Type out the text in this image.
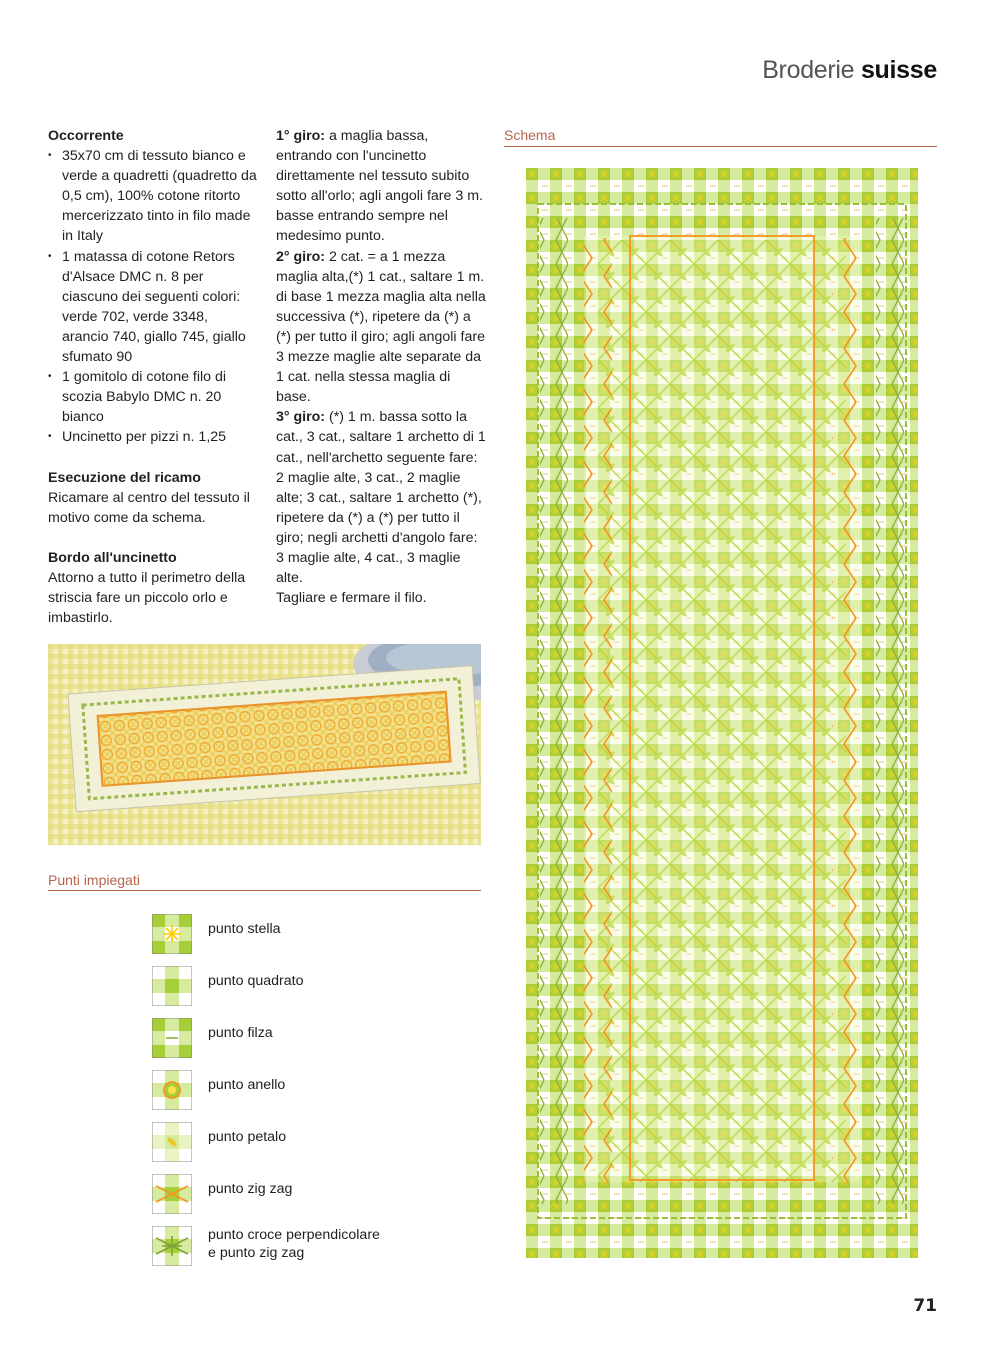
Broderie suisse

Occorrente

• 35x70 cm di tessuto bianco e verde a quadretti (quadretto da 0,5 cm), 100% cotone ritorto mercerizzato tinto in filo made in Italy
• 1 matassa di cotone Retors d'Alsace DMC n. 8 per ciascuno dei seguenti colori: verde 702, verde 3348, arancio 740, giallo 745, giallo sfumato 90
• 1 gomitolo di cotone filo di scozia Babylo DMC n. 20 bianco
• Uncinetto per pizzi n. 1,25

Esecuzione del ricamo

Ricamare al centro del tessuto il motivo come da schema.

Bordo all'uncinetto

Attorno a tutto il perimetro della striscia fare un piccolo orlo e imbastirlo.

1° giro: a maglia bassa, entrando con l'uncinetto direttamente nel tessuto subito sotto all'orlo; agli angoli fare 3 m. basse entrando sempre nel medesimo punto.

2° giro: 2 cat. = a 1 mezza maglia alta,(*) 1 cat., saltare 1 m. di base 1 mezza maglia alta nella successiva (*), ripetere da (*) a (*) per tutto il giro; agli angoli fare 3 mezze maglie alte separate da 1 cat. nella stessa maglia di base.

3° giro: (*) 1 m. bassa sotto la cat., 3 cat., saltare 1 archetto di 1 cat., nell'archetto seguente fare: 2 maglie alte, 3 cat., 2 maglie alte; 3 cat., saltare 1 archetto (*), ripetere da (*) a (*) per tutto il giro; negli archetti d'angolo fare: 3 maglie alte, 4 cat., 3 maglie alte.

Tagliare e fermare il filo.

Schema
Punti impiegati
punto stella
punto quadrato
punto filza
punto anello
punto petalo
punto zig zag
punto croce perpendicolare
e punto zig zag
71
